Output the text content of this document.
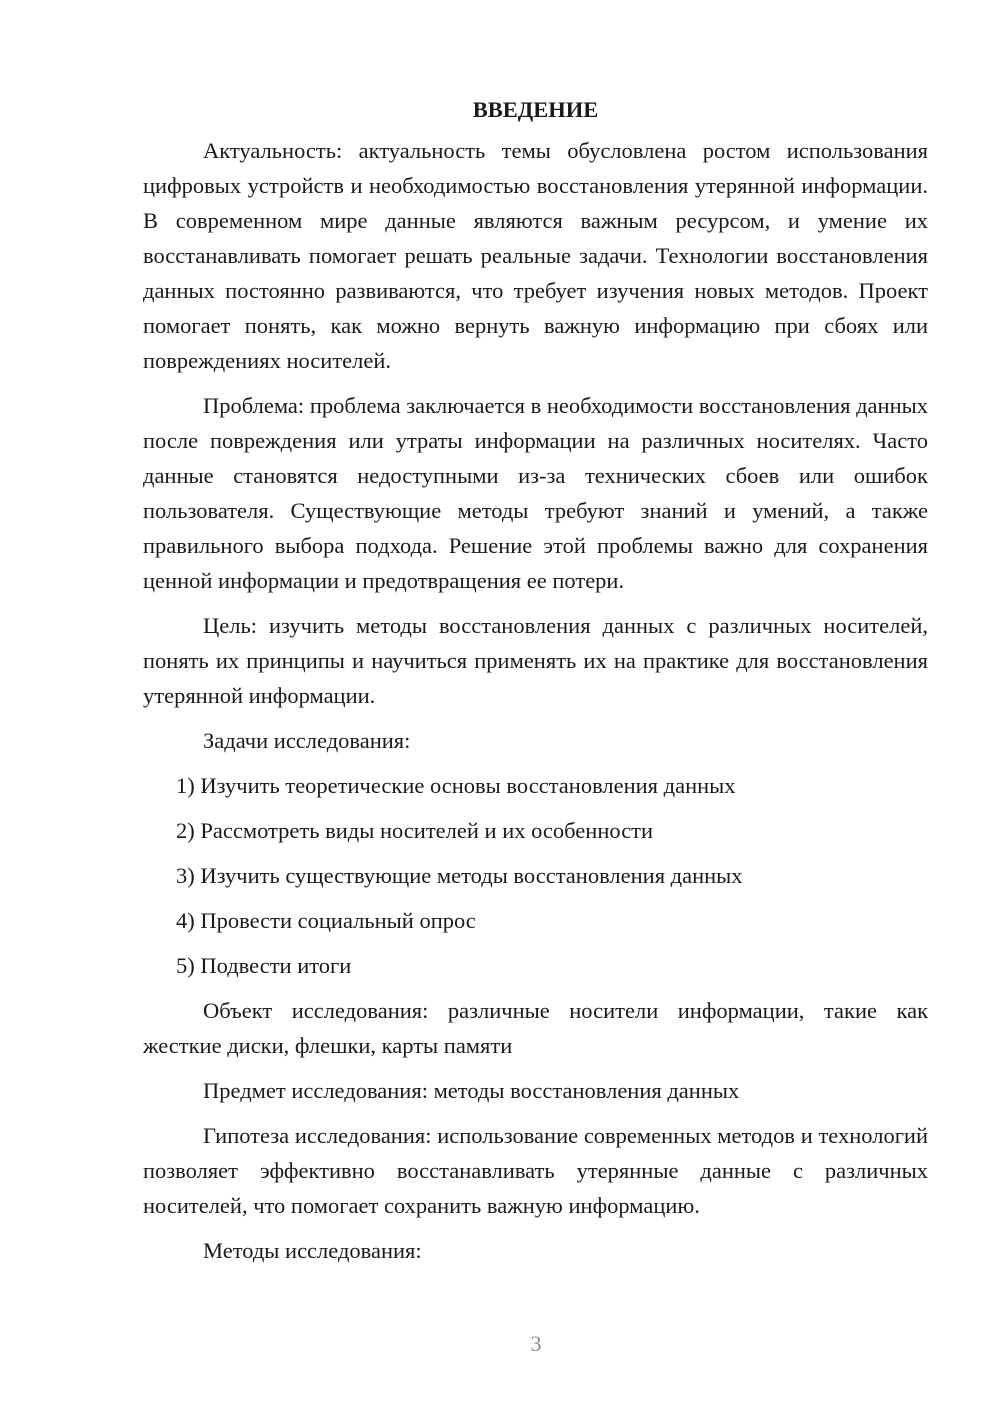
ВВЕДЕНИЕ

Актуальность: актуальность темы обусловлена ростом использования цифровых устройств и необходимостью восстановления утерянной информации. В современном мире данные являются важным ресурсом, и умение их восстанавливать помогает решать реальные задачи. Технологии восстановления данных постоянно развиваются, что требует изучения новых методов. Проект помогает понять, как можно вернуть важную информацию при сбоях или повреждениях носителей.

Проблема: проблема заключается в необходимости восстановления данных после повреждения или утраты информации на различных носителях. Часто данные становятся недоступными из-за технических сбоев или ошибок пользователя. Существующие методы требуют знаний и умений, а также правильного выбора подхода. Решение этой проблемы важно для сохранения ценной информации и предотвращения ее потери.

Цель: изучить методы восстановления данных с различных носителей, понять их принципы и научиться применять их на практике для восстановления утерянной информации.

Задачи исследования:

1) Изучить теоретические основы восстановления данных
2) Рассмотреть виды носителей и их особенности
3) Изучить существующие методы восстановления данных
4) Провести социальный опрос
5) Подвести итоги

Объект исследования: различные носители информации, такие как жесткие диски, флешки, карты памяти

Предмет исследования: методы восстановления данных

Гипотеза исследования: использование современных методов и технологий позволяет эффективно восстанавливать утерянные данные с различных носителей, что помогает сохранить важную информацию.

Методы исследования:

3
